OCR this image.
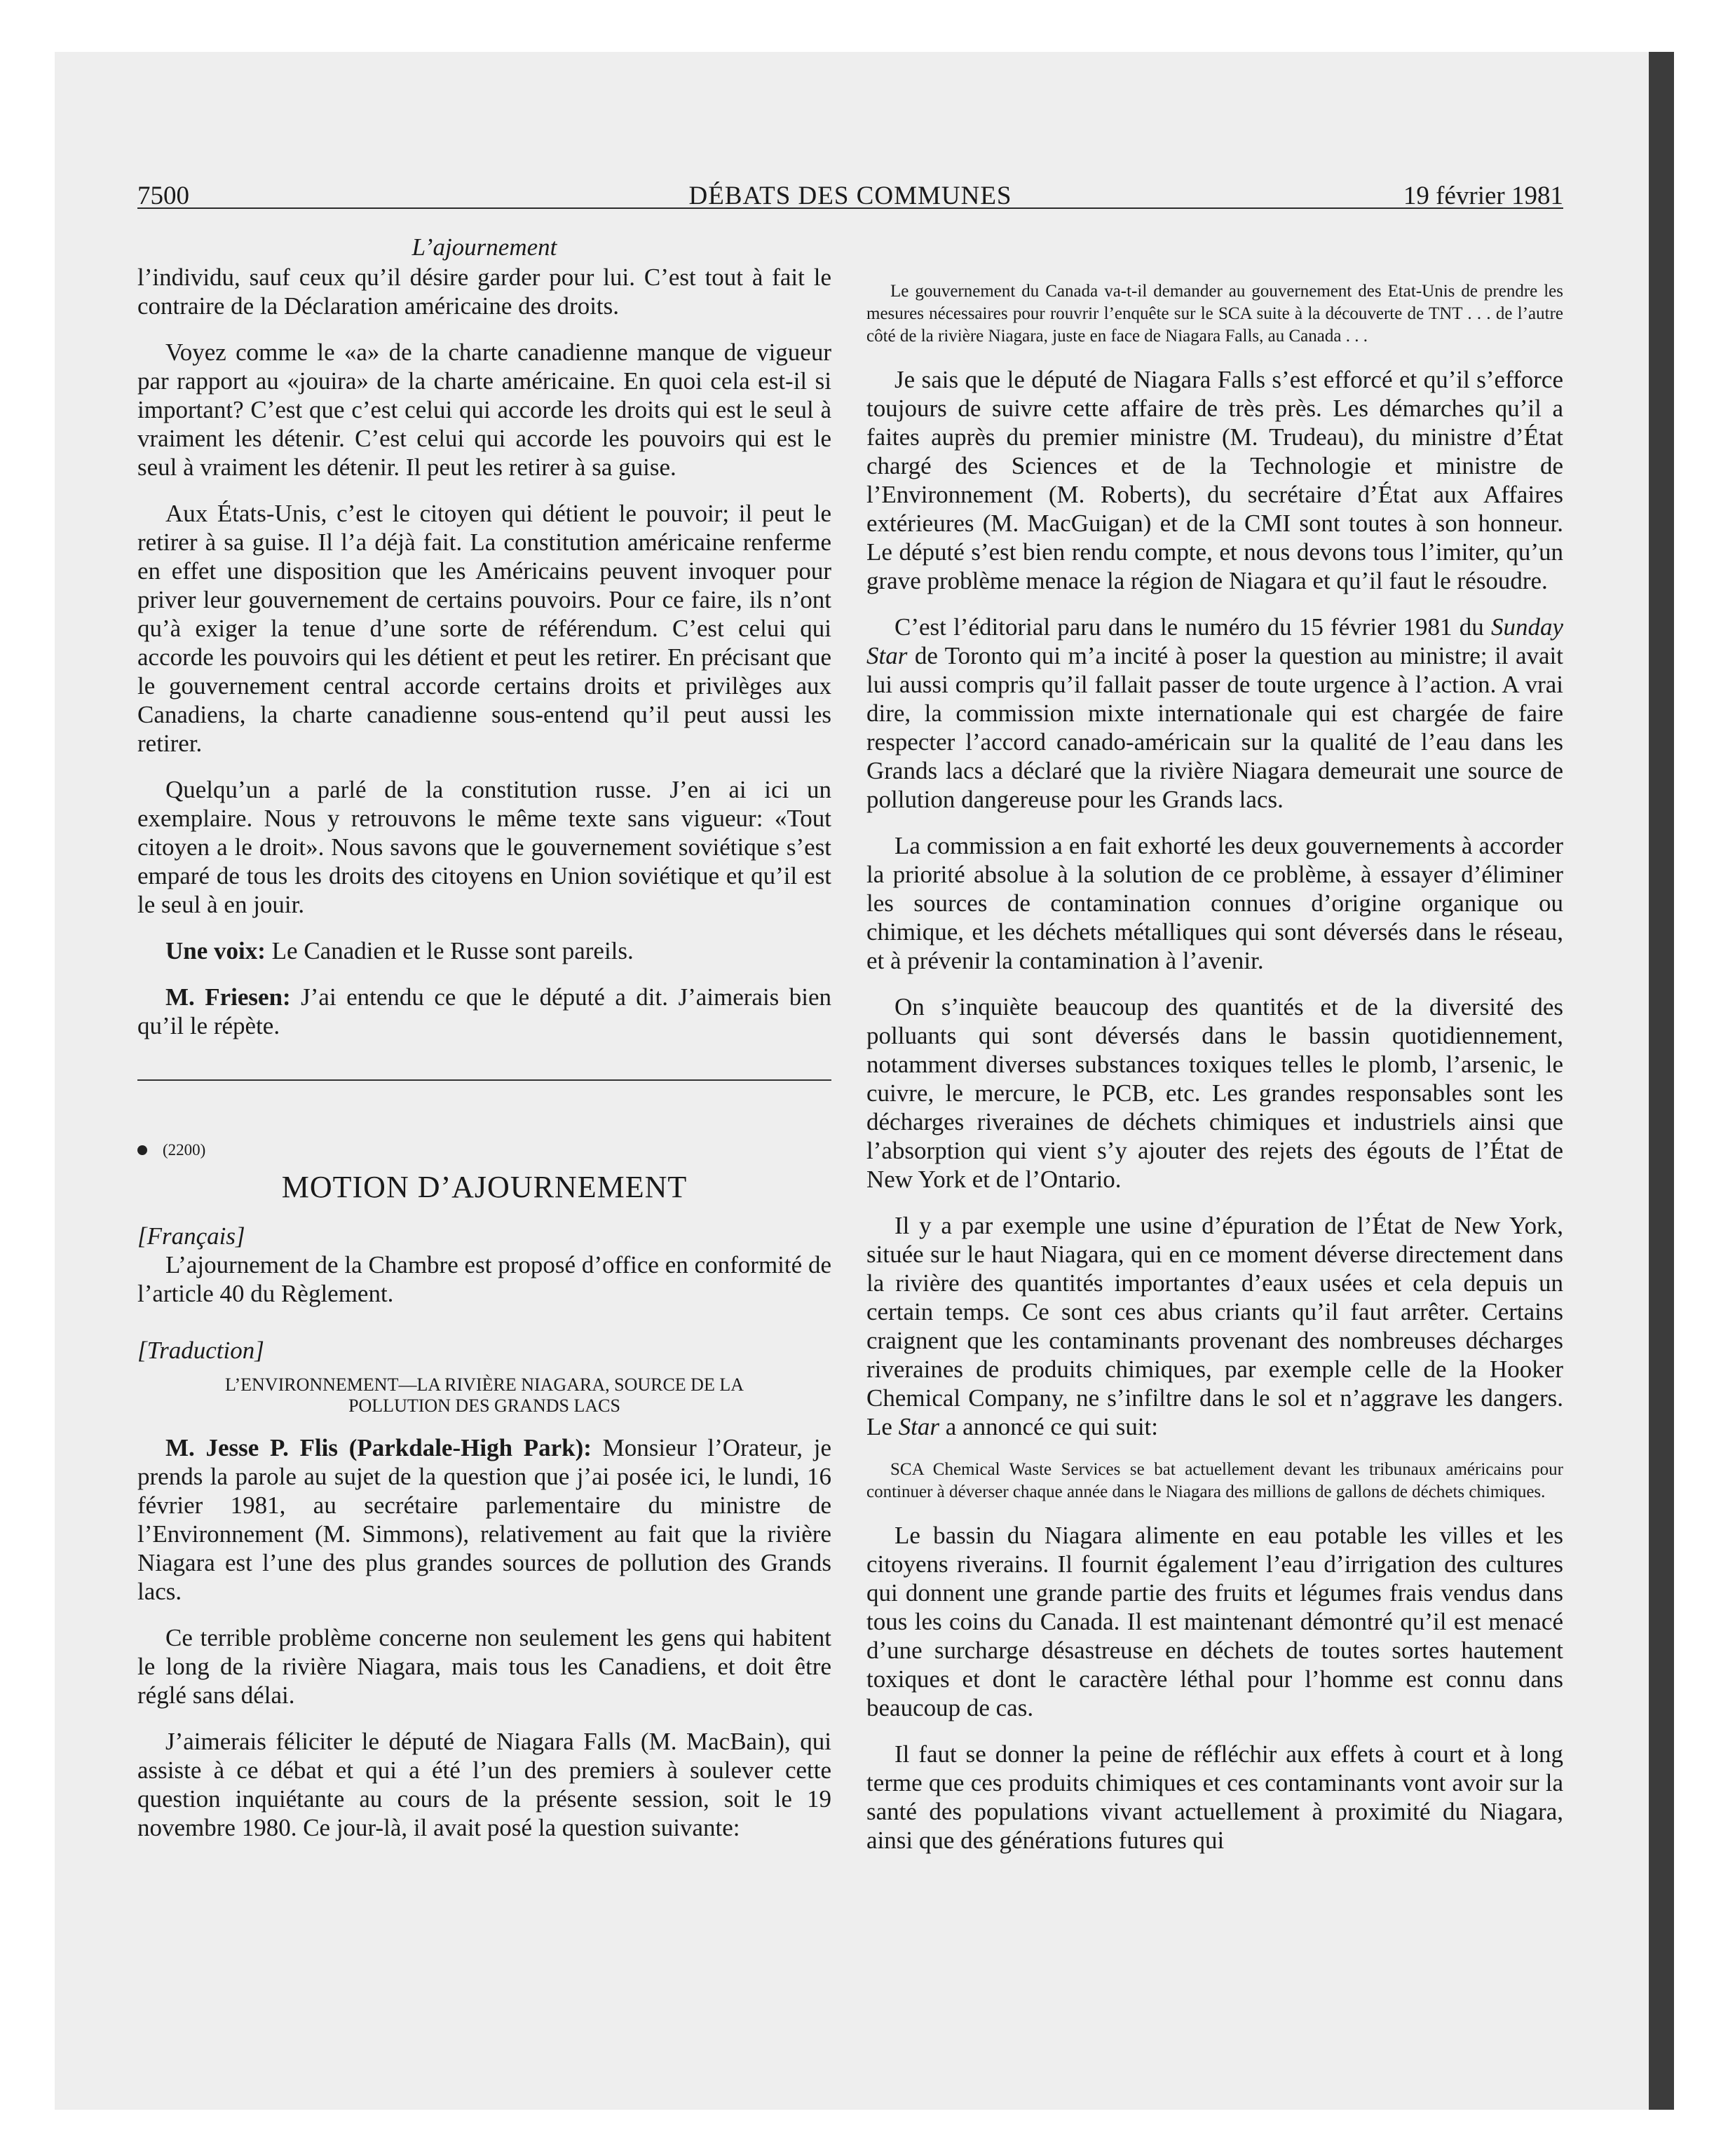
7500	DÉBATS DES COMMUNES	19 février 1981
L’ajournement

l’individu, sauf ceux qu’il désire garder pour lui. C’est tout à fait le contraire de la Déclaration américaine des droits.

Voyez comme le «a» de la charte canadienne manque de vigueur par rapport au «jouira» de la charte américaine. En quoi cela est-il si important? C’est que c’est celui qui accorde les droits qui est le seul à vraiment les détenir. C’est celui qui accorde les pouvoirs qui est le seul à vraiment les détenir. Il peut les retirer à sa guise.

Aux États-Unis, c’est le citoyen qui détient le pouvoir; il peut le retirer à sa guise. Il l’a déjà fait. La constitution américaine renferme en effet une disposition que les Américains peuvent invoquer pour priver leur gouvernement de certains pouvoirs. Pour ce faire, ils n’ont qu’à exiger la tenue d’une sorte de référendum. C’est celui qui accorde les pouvoirs qui les détient et peut les retirer. En précisant que le gouvernement central accorde certains droits et privilèges aux Canadiens, la charte canadienne sous-entend qu’il peut aussi les retirer.

Quelqu’un a parlé de la constitution russe. J’en ai ici un exemplaire. Nous y retrouvons le même texte sans vigueur: «Tout citoyen a le droit». Nous savons que le gouvernement soviétique s’est emparé de tous les droits des citoyens en Union soviétique et qu’il est le seul à en jouir.

Une voix: Le Canadien et le Russe sont pareils.

M. Friesen: J’ai entendu ce que le député a dit. J’aimerais bien qu’il le répète.

(2200)
MOTION D’AJOURNEMENT
[Français]

L’ajournement de la Chambre est proposé d’office en conformité de l’article 40 du Règlement.

[Traduction]
L’ENVIRONNEMENT—LA RIVIÈRE NIAGARA, SOURCE DE LA
POLLUTION DES GRANDS LACS

M. Jesse P. Flis (Parkdale-High Park): Monsieur l’Orateur, je prends la parole au sujet de la question que j’ai posée ici, le lundi, 16 février 1981, au secrétaire parlementaire du ministre de l’Environnement (M. Simmons), relativement au fait que la rivière Niagara est l’une des plus grandes sources de pollution des Grands lacs.

Ce terrible problème concerne non seulement les gens qui habitent le long de la rivière Niagara, mais tous les Canadiens, et doit être réglé sans délai.

J’aimerais féliciter le député de Niagara Falls (M. MacBain), qui assiste à ce débat et qui a été l’un des premiers à soulever cette question inquiétante au cours de la présente session, soit le 19 novembre 1980. Ce jour-là, il avait posé la question suivante:

Le gouvernement du Canada va-t-il demander au gouvernement des Etat-Unis de prendre les mesures nécessaires pour rouvrir l’enquête sur le SCA suite à la découverte de TNT . . . de l’autre côté de la rivière Niagara, juste en face de Niagara Falls, au Canada . . .

Je sais que le député de Niagara Falls s’est efforcé et qu’il s’efforce toujours de suivre cette affaire de très près. Les démarches qu’il a faites auprès du premier ministre (M. Trudeau), du ministre d’État chargé des Sciences et de la Technologie et ministre de l’Environnement (M. Roberts), du secrétaire d’État aux Affaires extérieures (M. MacGuigan) et de la CMI sont toutes à son honneur. Le député s’est bien rendu compte, et nous devons tous l’imiter, qu’un grave problème menace la région de Niagara et qu’il faut le résoudre.

C’est l’éditorial paru dans le numéro du 15 février 1981 du Sunday Star de Toronto qui m’a incité à poser la question au ministre; il avait lui aussi compris qu’il fallait passer de toute urgence à l’action. A vrai dire, la commission mixte internationale qui est chargée de faire respecter l’accord canado-américain sur la qualité de l’eau dans les Grands lacs a déclaré que la rivière Niagara demeurait une source de pollution dangereuse pour les Grands lacs.

La commission a en fait exhorté les deux gouvernements à accorder la priorité absolue à la solution de ce problème, à essayer d’éliminer les sources de contamination connues d’origine organique ou chimique, et les déchets métalliques qui sont déversés dans le réseau, et à prévenir la contamination à l’avenir.

On s’inquiète beaucoup des quantités et de la diversité des polluants qui sont déversés dans le bassin quotidiennement, notamment diverses substances toxiques telles le plomb, l’arsenic, le cuivre, le mercure, le PCB, etc. Les grandes responsables sont les décharges riveraines de déchets chimiques et industriels ainsi que l’absorption qui vient s’y ajouter des rejets des égouts de l’État de New York et de l’Ontario.

Il y a par exemple une usine d’épuration de l’État de New York, située sur le haut Niagara, qui en ce moment déverse directement dans la rivière des quantités importantes d’eaux usées et cela depuis un certain temps. Ce sont ces abus criants qu’il faut arrêter. Certains craignent que les contaminants provenant des nombreuses décharges riveraines de produits chimiques, par exemple celle de la Hooker Chemical Company, ne s’infiltre dans le sol et n’aggrave les dangers. Le Star a annoncé ce qui suit:

SCA Chemical Waste Services se bat actuellement devant les tribunaux américains pour continuer à déverser chaque année dans le Niagara des millions de gallons de déchets chimiques.

Le bassin du Niagara alimente en eau potable les villes et les citoyens riverains. Il fournit également l’eau d’irrigation des cultures qui donnent une grande partie des fruits et légumes frais vendus dans tous les coins du Canada. Il est maintenant démontré qu’il est menacé d’une surcharge désastreuse en déchets de toutes sortes hautement toxiques et dont le caractère léthal pour l’homme est connu dans beaucoup de cas.

Il faut se donner la peine de réfléchir aux effets à court et à long terme que ces produits chimiques et ces contaminants vont avoir sur la santé des populations vivant actuellement à proximité du Niagara, ainsi que des générations futures qui
